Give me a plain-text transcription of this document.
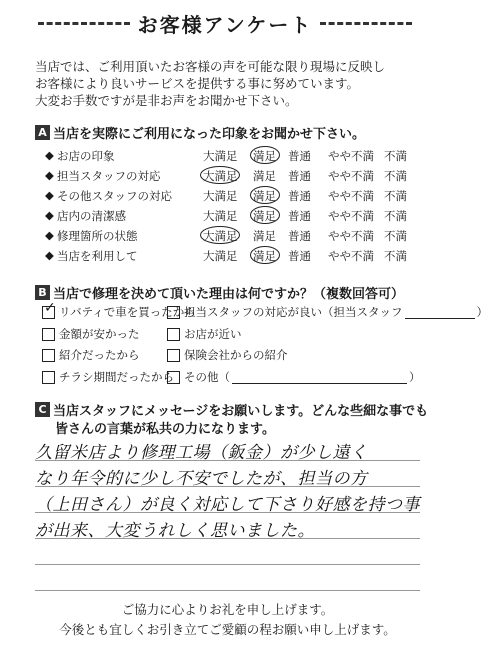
お客様アンケート
当店では、ご利用頂いたお客様の声を可能な限り現場に反映し
お客様により良いサービスを提供する事に努めています。
大変お手数ですが是非お声をお聞かせ下さい。
A 当店を実際にご利用になった印象をお聞かせ下さい。
◆ お店の印象	大満足 満足 普通 やや不満 不満
◆ 担当スタッフの対応	大満足 満足 普通 やや不満 不満
◆ その他スタッフの対応	大満足 満足 普通 やや不満 不満
◆ 店内の清潔感	大満足 満足 普通 やや不満 不満
◆ 修理箇所の状態	大満足 満足 普通 やや不満 不満
◆ 当店を利用して	大満足 満足 普通 やや不満 不満
B 当店で修理を決めて頂いた理由は何ですか？（複数回答可）
✓ リバティで車を買ったから
担当スタッフの対応が良い（担当スタッフ	）
金額が安かった	お店が近い
紹介だったから	保険会社からの紹介
チラシ期間だったから その他（	）
C 当店スタッフにメッセージをお願いします。どんな些細な事でも
皆さんの言葉が私共の力になります。
久留米店より修理工場（鈑金）が少し遠く
なり年令的に少し不安でしたが、担当の方
（上田さん）が良く対応して下さり好感を持つ事
が出来、大変うれしく思いました。
ご協力に心よりお礼を申し上げます。
今後とも宜しくお引き立てご愛顧の程お願い申し上げます。
